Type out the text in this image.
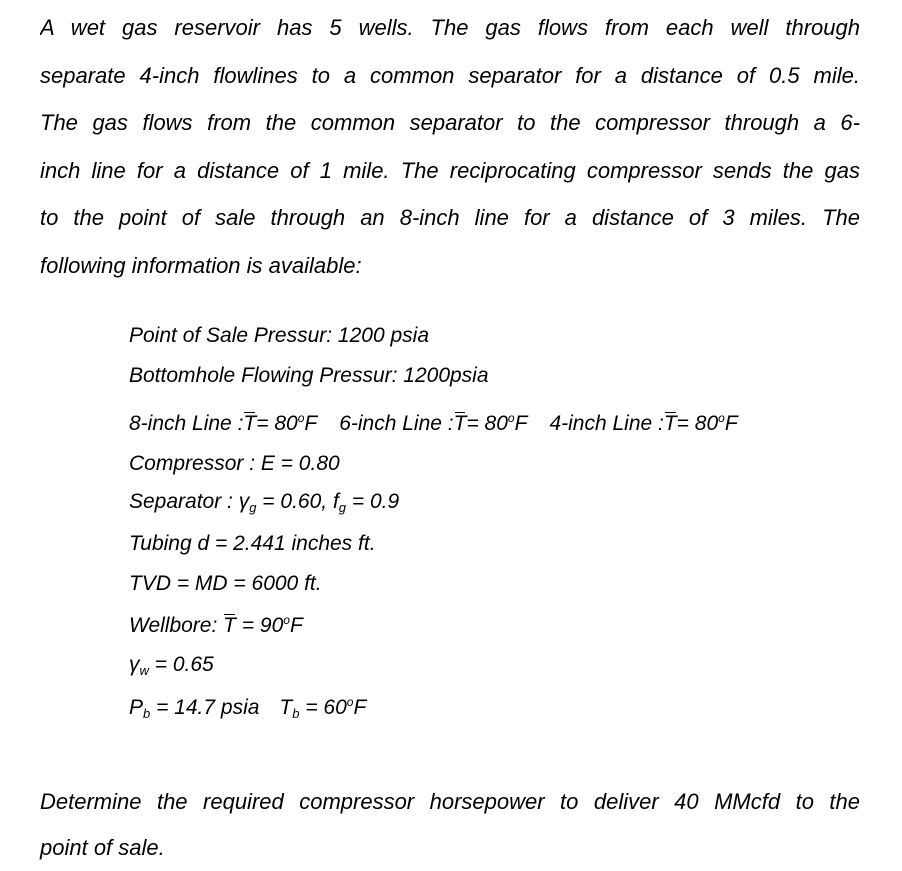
A wet gas reservoir has 5 wells. The gas flows from each well through
separate 4-inch flowlines to a common separator for a distance of 0.5 mile.
The gas flows from the common separator to the compressor through a 6-
inch line for a distance of 1 mile. The reciprocating compressor sends the gas
to the point of sale through an 8-inch line for a distance of 3 miles. The
following information is available:
Point of Sale Pressur: 1200 psia
Bottomhole Flowing Pressur: 1200psia
8-inch Line :T= $80^oF$ 6-inch Line :T= $80^oF$ 4-inch Line :T= $80^oF$
Compressor : E = 0.80
Separator : $\gamma_g = 0.60$, $f_g = 0.9$
Tubing d = 2.441 inches ft.
TVD = MD = 6000 ft.
Wellbore: $T = 90^oF$
$\gamma_w = 0.65$
$P_b = 14.7$ psia $T_b = 60^oF$
Determine the required compressor horsepower to deliver 40 MMcfd to the
point of sale.
